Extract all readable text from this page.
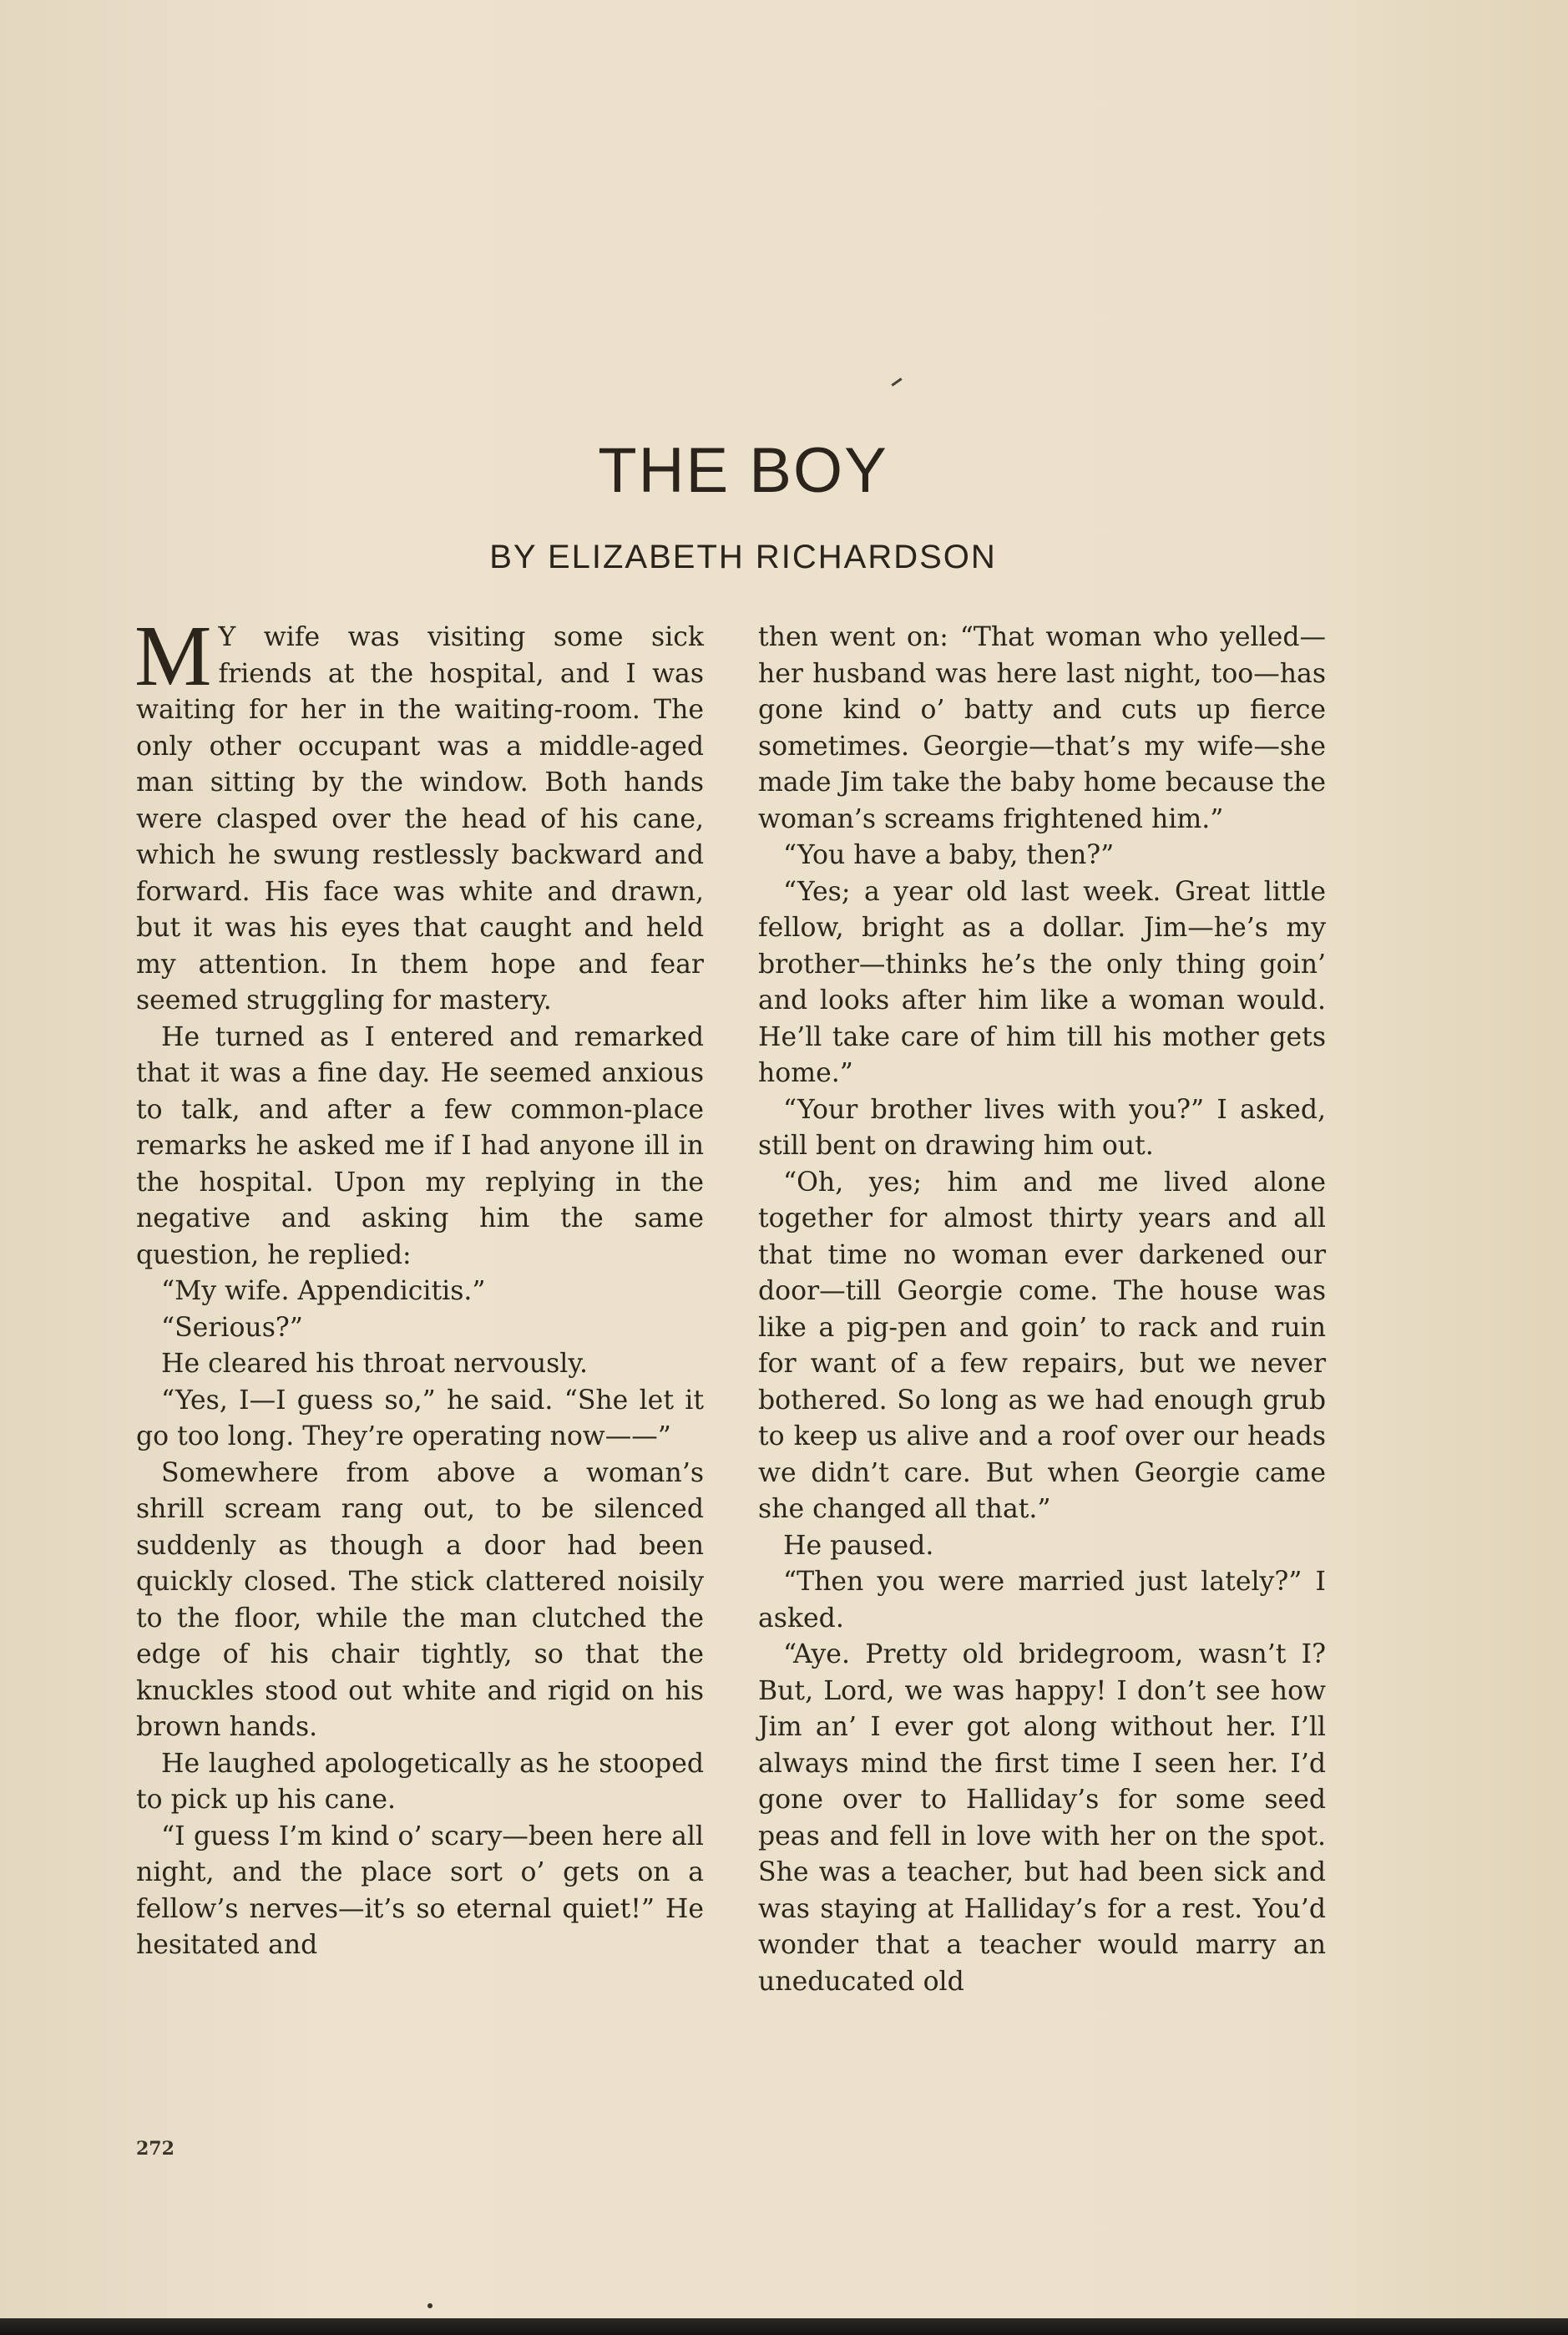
THE BOY
BY ELIZABETH RICHARDSON

M Y wife was visiting some sick friends at the hospital, and I was waiting for her in the waiting-room. The only other occupant was a middle-aged man sitting by the window. Both hands were clasped over the head of his cane, which he swung restlessly backward and forward. His face was white and drawn, but it was his eyes that caught and held my attention. In them hope and fear seemed struggling for mastery.

He turned as I entered and remarked that it was a fine day. He seemed anxious to talk, and after a few common-place remarks he asked me if I had anyone ill in the hospital. Upon my replying in the negative and asking him the same question, he replied:

“My wife. Appendicitis.”

“Serious?”

He cleared his throat nervously.

“Yes, I—I guess so,” he said. “She let it go too long. They’re operating now——”

Somewhere from above a woman’s shrill scream rang out, to be silenced suddenly as though a door had been quickly closed. The stick clattered noisily to the floor, while the man clutched the edge of his chair tightly, so that the knuckles stood out white and rigid on his brown hands.

He laughed apologetically as he stooped to pick up his cane.

“I guess I’m kind o’ scary—been here all night, and the place sort o’ gets on a fellow’s nerves—it’s so eternal quiet!” He hesitated and

then went on: “That woman who yelled—her husband was here last night, too—has gone kind o’ batty and cuts up fierce sometimes. Georgie—that’s my wife—she made Jim take the baby home because the woman’s screams frightened him.”

“You have a baby, then?”

“Yes; a year old last week. Great little fellow, bright as a dollar. Jim—he’s my brother—thinks he’s the only thing goin’ and looks after him like a woman would. He’ll take care of him till his mother gets home.”

“Your brother lives with you?” I asked, still bent on drawing him out.

“Oh, yes; him and me lived alone together for almost thirty years and all that time no woman ever darkened our door—till Georgie come. The house was like a pig-pen and goin’ to rack and ruin for want of a few repairs, but we never bothered. So long as we had enough grub to keep us alive and a roof over our heads we didn’t care. But when Georgie came she changed all that.”

He paused.

“Then you were married just lately?” I asked.

“Aye. Pretty old bridegroom, wasn’t I? But, Lord, we was happy! I don’t see how Jim an’ I ever got along without her. I’ll always mind the first time I seen her. I’d gone over to Halliday’s for some seed peas and fell in love with her on the spot. She was a teacher, but had been sick and was staying at Halliday’s for a rest. You’d wonder that a teacher would marry an uneducated old

272
